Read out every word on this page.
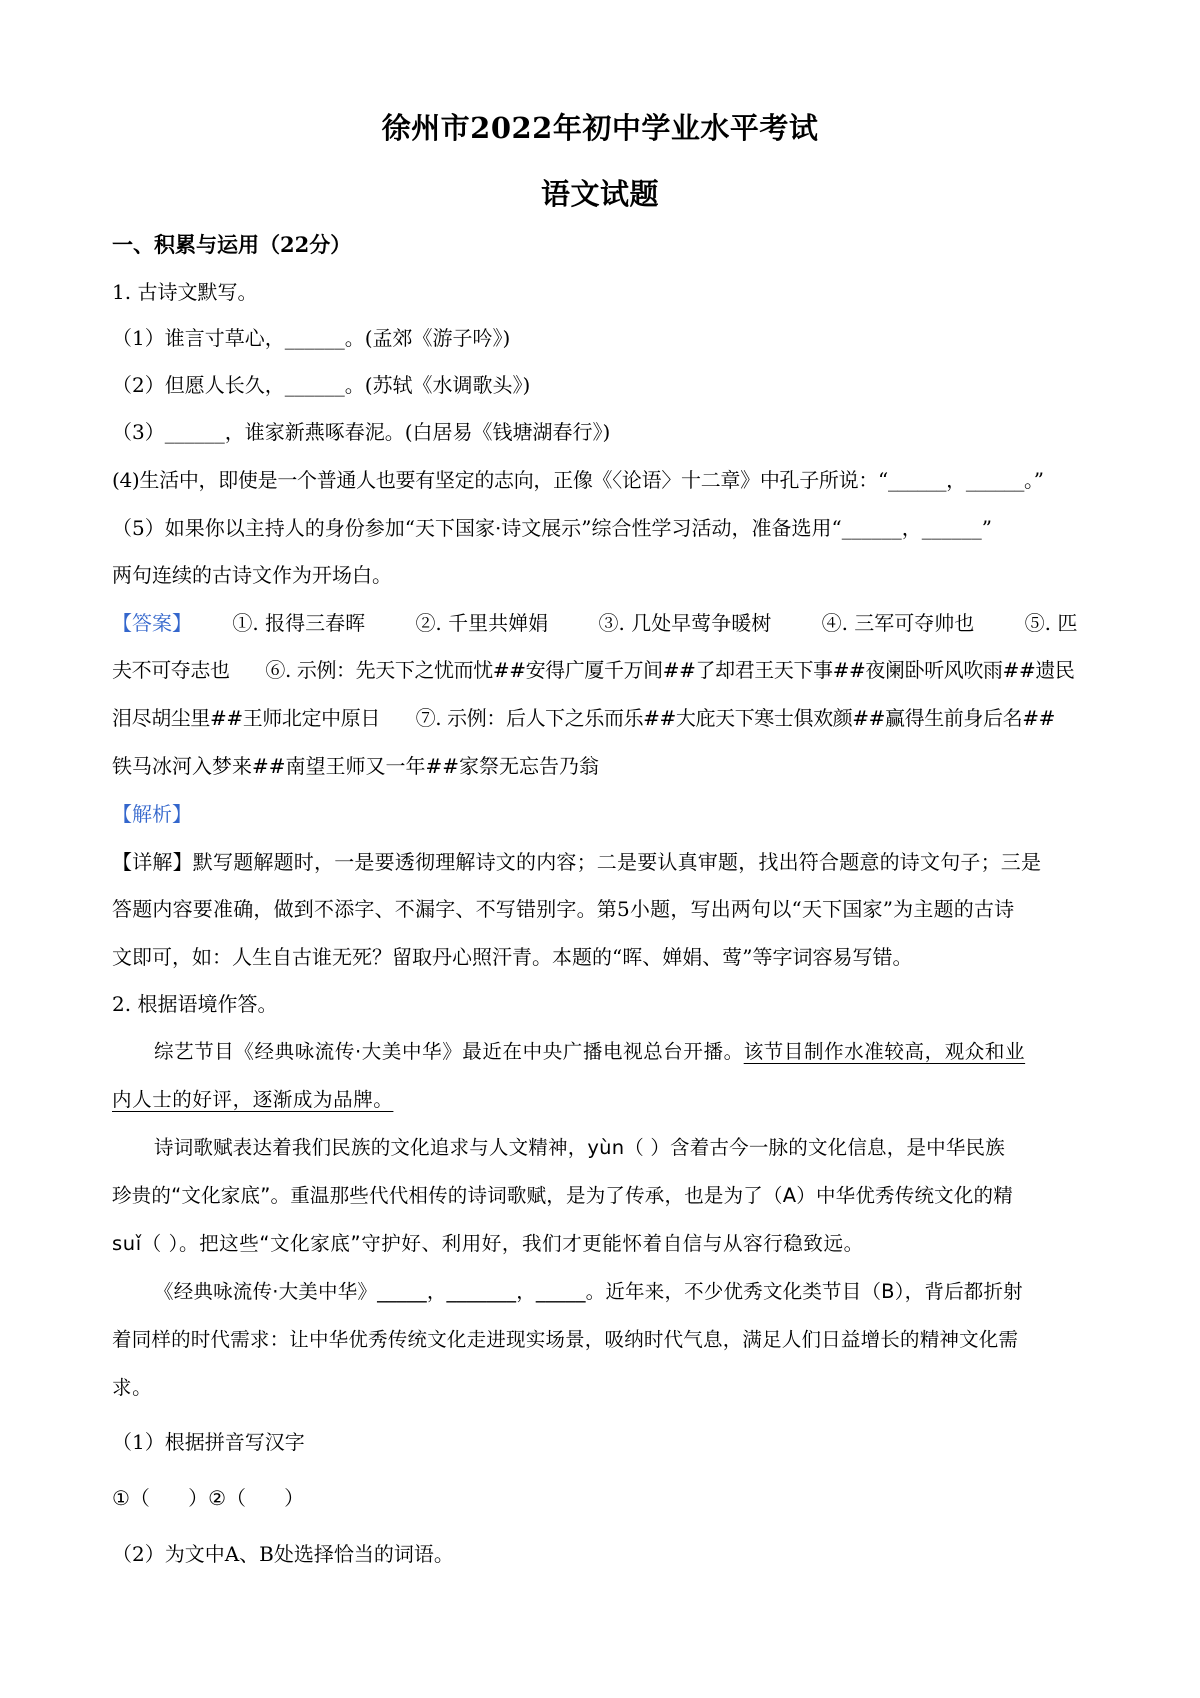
徐州市2022年初中学业水平考试
语文试题
一、积累与运用（22分）
1. 古诗文默写。
（1）谁言寸草心，______。(孟郊《游子吟》)
（2）但愿人长久，______。(苏轼《水调歌头》)
（3）______，谁家新燕啄春泥。(白居易《钱塘湖春行》)
(4)生活中，即使是一个普通人也要有坚定的志向，正像《〈论语〉十二章》中孔子所说：“______，______。”
（5）如果你以主持人的身份参加“天下国家·诗文展示”综合性学习活动，准备选用“______，______”
两句连续的古诗文作为开场白。
【答案】 ①. 报得三春晖	②. 千里共婵娟	③. 几处早莺争暖树	④. 三军可夺帅也	⑤. 匹
夫不可夺志也      ⑥. 示例：先天下之忧而忧##安得广厦千万间##了却君王天下事##夜阑卧听风吹雨##遗民
泪尽胡尘里##王师北定中原日      ⑦. 示例：后人下之乐而乐##大庇天下寒士俱欢颜##赢得生前身后名##
铁马冰河入梦来##南望王师又一年##家祭无忘告乃翁
【解析】
【详解】默写题解题时，一是要透彻理解诗文的内容；二是要认真审题，找出符合题意的诗文句子；三是
答题内容要准确，做到不添字、不漏字、不写错别字。第5小题，写出两句以“天下国家”为主题的古诗
文即可，如：人生自古谁无死？留取丹心照汗青。本题的“晖、婵娟、莺”等字词容易写错。
2. 根据语境作答。
综艺节目《经典咏流传·大美中华》最近在中央广播电视总台开播。该节目制作水准较高，观众和业
内人士的好评，逐渐成为品牌。
诗词歌赋表达着我们民族的文化追求与人文精神，yùn（ ）含着古今一脉的文化信息，是中华民族
珍贵的“文化家底”。重温那些代代相传的诗词歌赋，是为了传承，也是为了（A）中华优秀传统文化的精
suǐ（ ）。把这些“文化家底”守护好、利用好，我们才更能怀着自信与从容行稳致远。
《经典咏流传·大美中华》_____，_______，_____。近年来，不少优秀文化类节目（B），背后都折射
着同样的时代需求：让中华优秀传统文化走进现实场景，吸纳时代气息，满足人们日益增长的精神文化需
求。
（1）根据拼音写汉字
①（      ）②（      ）
（2）为文中A、B处选择恰当的词语。
